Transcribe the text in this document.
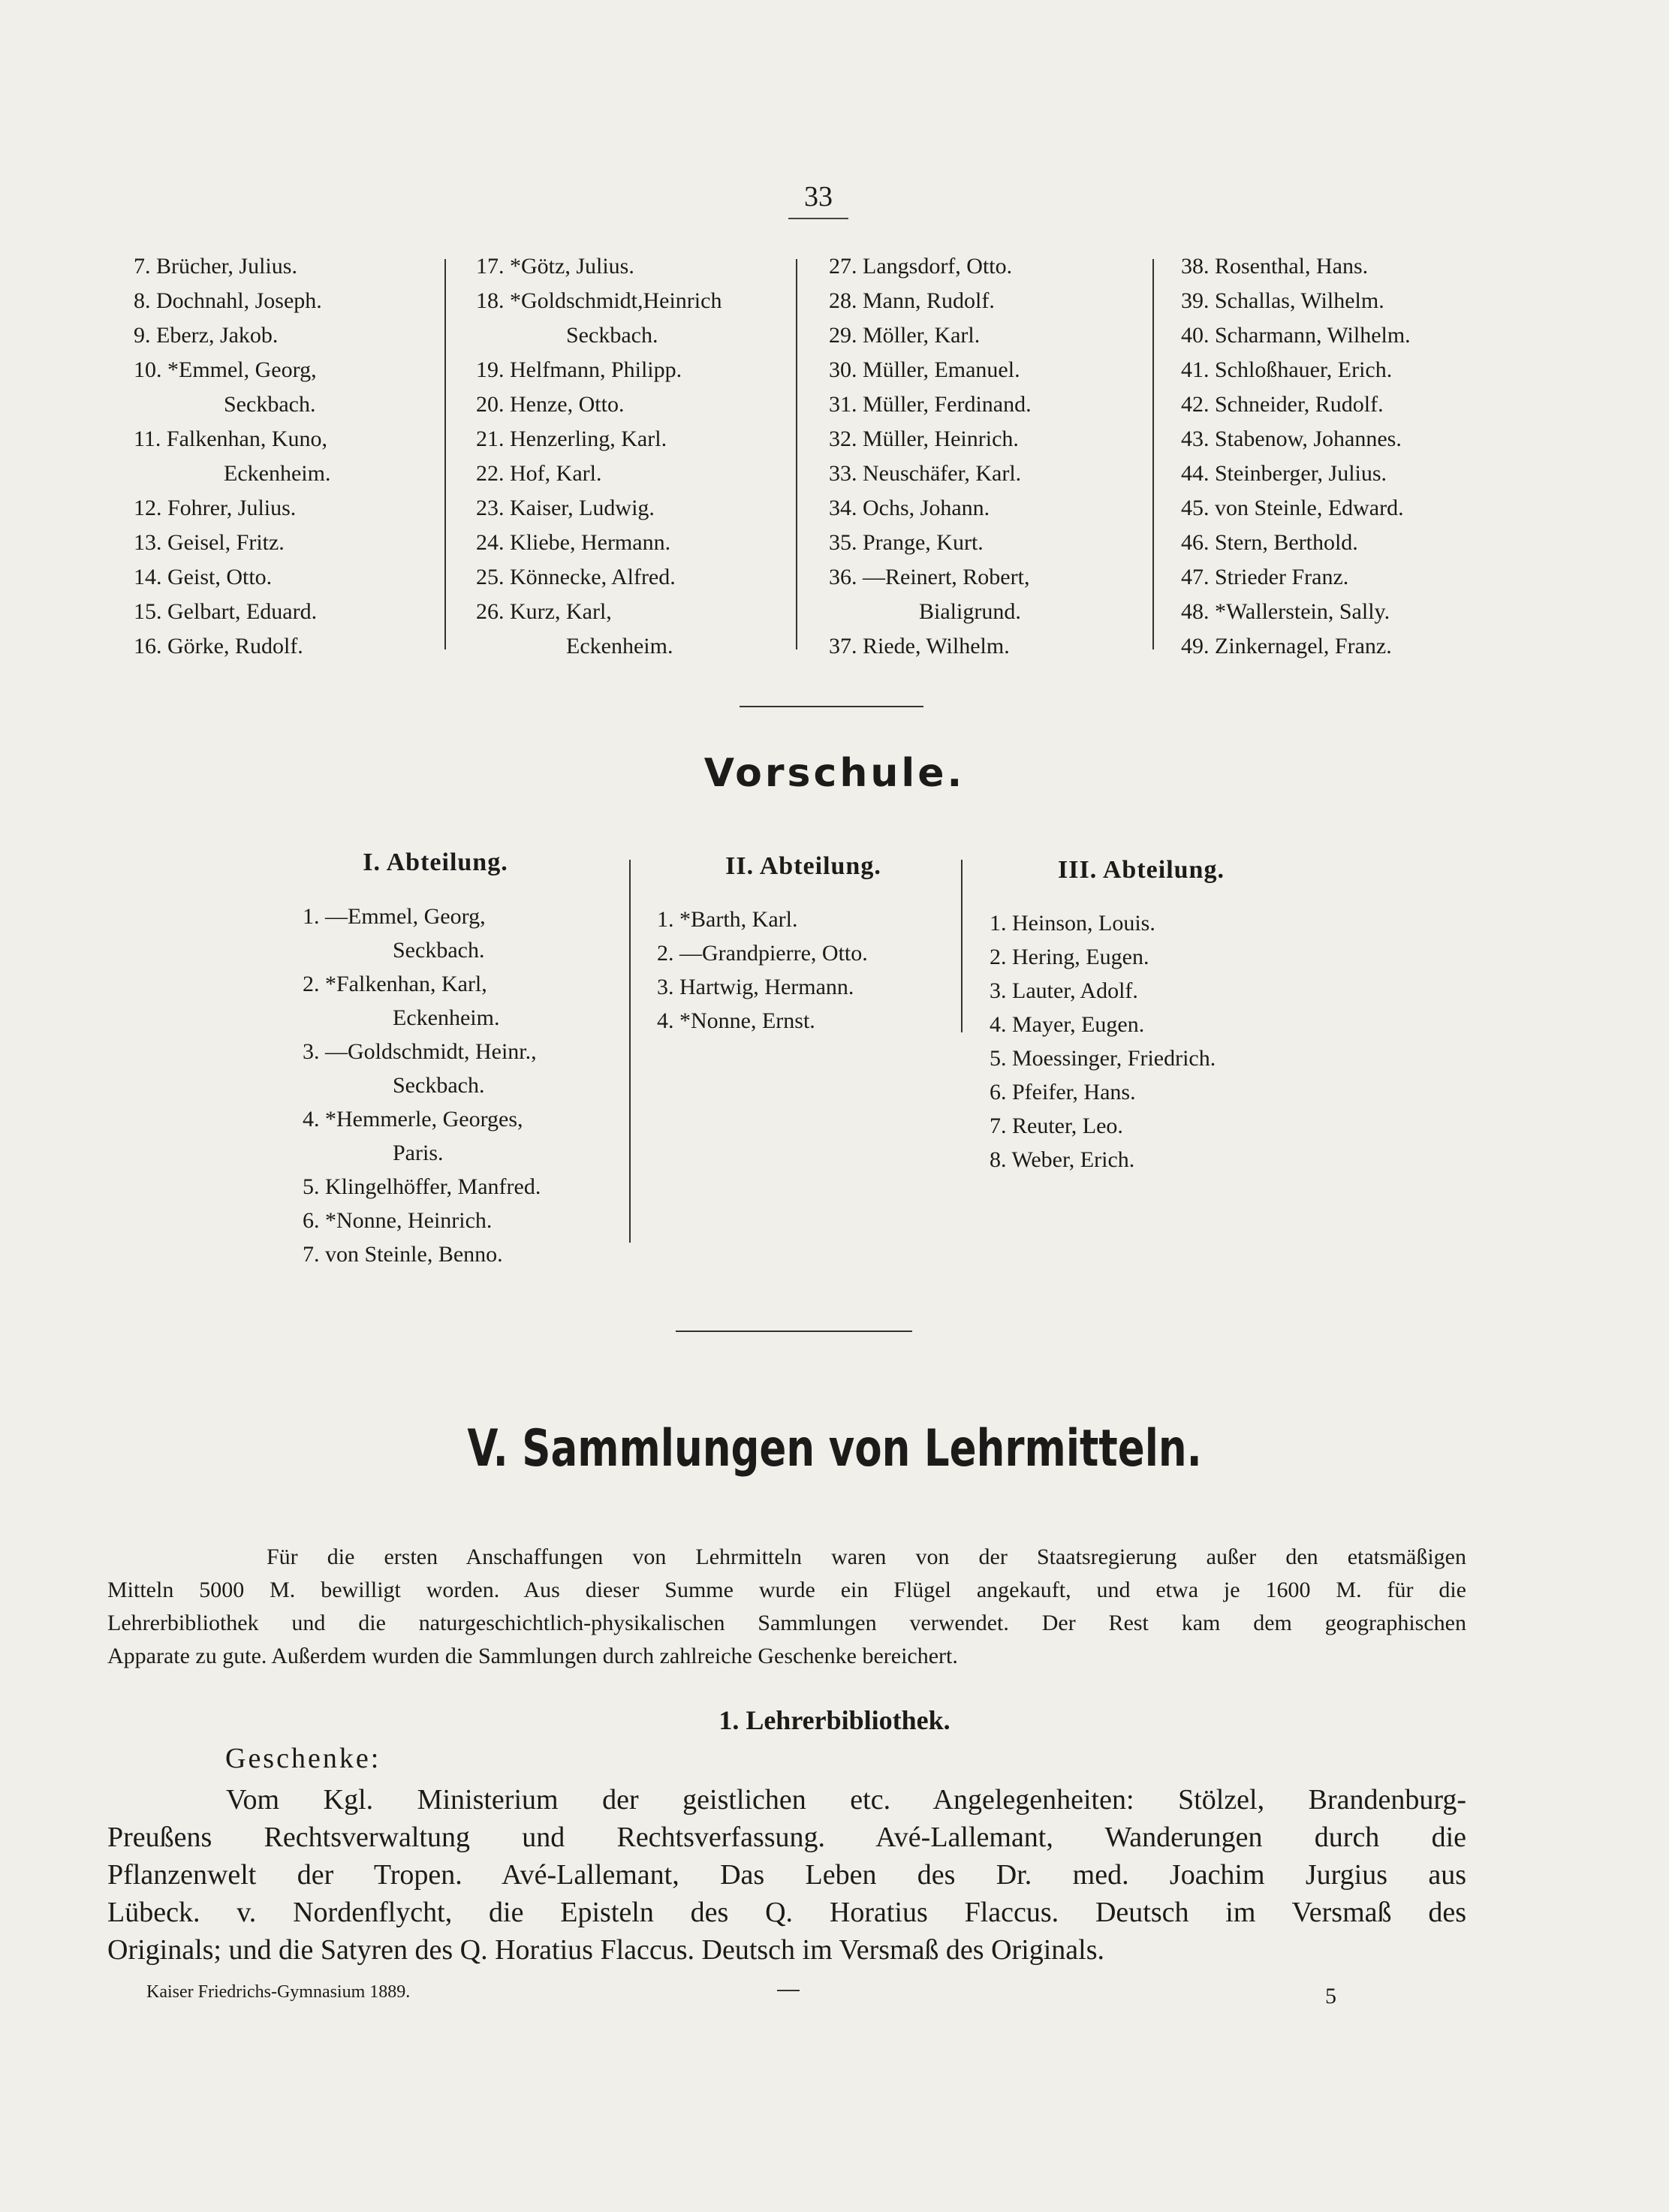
33
7. Brücher, Julius.
8. Dochnahl, Joseph.
9. Eberz, Jakob.
10. *Emmel, Georg,
Seckbach.
11. Falkenhan, Kuno,
Eckenheim.
12. Fohrer, Julius.
13. Geisel, Fritz.
14. Geist, Otto.
15. Gelbart, Eduard.
16. Görke, Rudolf.
17. *Götz, Julius.
18. *Goldschmidt,Heinrich
Seckbach.
19. Helfmann, Philipp.
20. Henze, Otto.
21. Henzerling, Karl.
22. Hof, Karl.
23. Kaiser, Ludwig.
24. Kliebe, Hermann.
25. Könnecke, Alfred.
26. Kurz, Karl,
Eckenheim.
27. Langsdorf, Otto.
28. Mann, Rudolf.
29. Möller, Karl.
30. Müller, Emanuel.
31. Müller, Ferdinand.
32. Müller, Heinrich.
33. Neuschäfer, Karl.
34. Ochs, Johann.
35. Prange, Kurt.
36. —Reinert, Robert,
Bialigrund.
37. Riede, Wilhelm.
38. Rosenthal, Hans.
39. Schallas, Wilhelm.
40. Scharmann, Wilhelm.
41. Schloßhauer, Erich.
42. Schneider, Rudolf.
43. Stabenow, Johannes.
44. Steinberger, Julius.
45. von Steinle, Edward.
46. Stern, Berthold.
47. Strieder Franz.
48. *Wallerstein, Sally.
49. Zinkernagel, Franz.
Vorschule.
I. Abteilung.	II. Abteilung.	III. Abteilung.
1. —Emmel, Georg,
Seckbach.
2. *Falkenhan, Karl,
Eckenheim.
3. —Goldschmidt, Heinr.,
Seckbach.
4. *Hemmerle, Georges,
Paris.
5. Klingelhöffer, Manfred.
6. *Nonne, Heinrich.
7. von Steinle, Benno.
1. *Barth, Karl.
2. —Grandpierre, Otto.
3. Hartwig, Hermann.
4. *Nonne, Ernst.
1. Heinson, Louis.
2. Hering, Eugen.
3. Lauter, Adolf.
4. Mayer, Eugen.
5. Moessinger, Friedrich.
6. Pfeifer, Hans.
7. Reuter, Leo.
8. Weber, Erich.
V. Sammlungen von Lehrmitteln.
Für die ersten Anschaffungen von Lehrmitteln waren von der Staatsregierung außer den etatsmäßigen
Mitteln 5000 M. bewilligt worden. Aus dieser Summe wurde ein Flügel angekauft, und etwa je 1600 M. für die
Lehrerbibliothek und die naturgeschichtlich-physikalischen Sammlungen verwendet. Der Rest kam dem geographischen
Apparate zu gute. Außerdem wurden die Sammlungen durch zahlreiche Geschenke bereichert.
1. Lehrerbibliothek.
Geschenke:
Vom Kgl. Ministerium der geistlichen etc. Angelegenheiten: Stölzel, Brandenburg-
Preußens Rechtsverwaltung und Rechtsverfassung. Avé-Lallemant, Wanderungen durch die
Pflanzenwelt der Tropen. Avé-Lallemant, Das Leben des Dr. med. Joachim Jurgius aus
Lübeck. v. Nordenflycht, die Episteln des Q. Horatius Flaccus. Deutsch im Versmaß des
Originals; und die Satyren des Q. Horatius Flaccus. Deutsch im Versmaß des Originals.
Kaiser Friedrichs-Gymnasium 1889.	5
